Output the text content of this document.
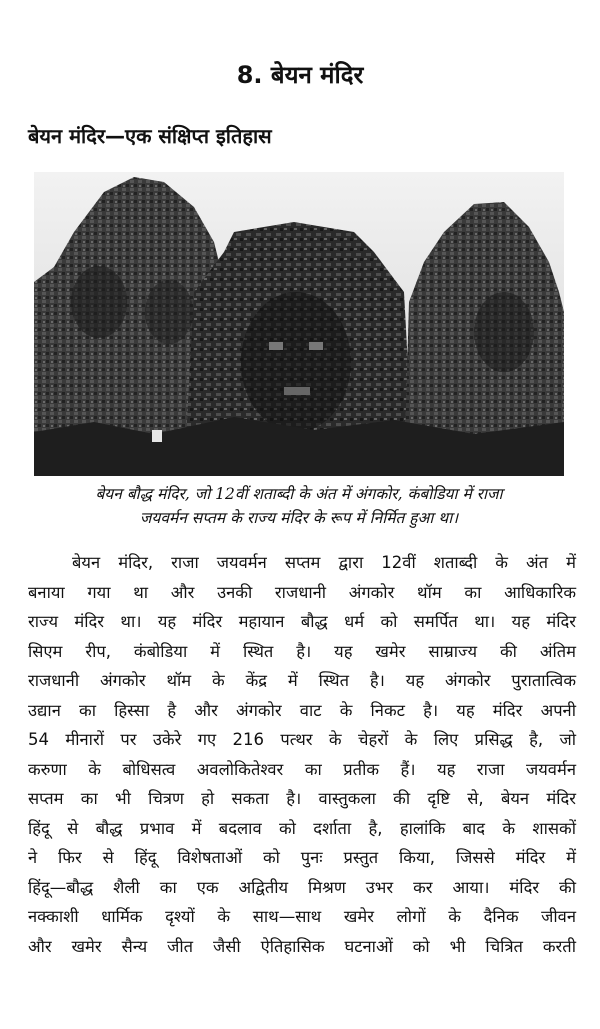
8. बेयन मंदिर
बेयन मंदिर—एक संक्षिप्त इतिहास
बेयन बौद्ध मंदिर, जो 12वीं शताब्दी के अंत में अंगकोर, कंबोडिया में राजा
जयवर्मन सप्तम के राज्य मंदिर के रूप में निर्मित हुआ था।
बेयन मंदिर, राजा जयवर्मन सप्तम द्वारा 12वीं शताब्दी के अंत में
बनाया गया था और उनकी राजधानी अंगकोर थॉम का आधिकारिक
राज्य मंदिर था। यह मंदिर महायान बौद्ध धर्म को समर्पित था। यह मंदिर
सिएम रीप, कंबोडिया में स्थित है। यह खमेर साम्राज्य की अंतिम
राजधानी अंगकोर थॉम के केंद्र में स्थित है। यह अंगकोर पुरातात्विक
उद्यान का हिस्सा है और अंगकोर वाट के निकट है। यह मंदिर अपनी
54 मीनारों पर उकेरे गए 216 पत्थर के चेहरों के लिए प्रसिद्ध है, जो
करुणा के बोधिसत्व अवलोकितेश्वर का प्रतीक हैं। यह राजा जयवर्मन
सप्तम का भी चित्रण हो सकता है। वास्तुकला की दृष्टि से, बेयन मंदिर
हिंदू से बौद्ध प्रभाव में बदलाव को दर्शाता है, हालांकि बाद के शासकों
ने फिर से हिंदू विशेषताओं को पुनः प्रस्तुत किया, जिससे मंदिर में
हिंदू—बौद्ध शैली का एक अद्वितीय मिश्रण उभर कर आया। मंदिर की
नक्काशी धार्मिक दृश्यों के साथ—साथ खमेर लोगों के दैनिक जीवन
और खमेर सैन्य जीत जैसी ऐतिहासिक घटनाओं को भी चित्रित करती
